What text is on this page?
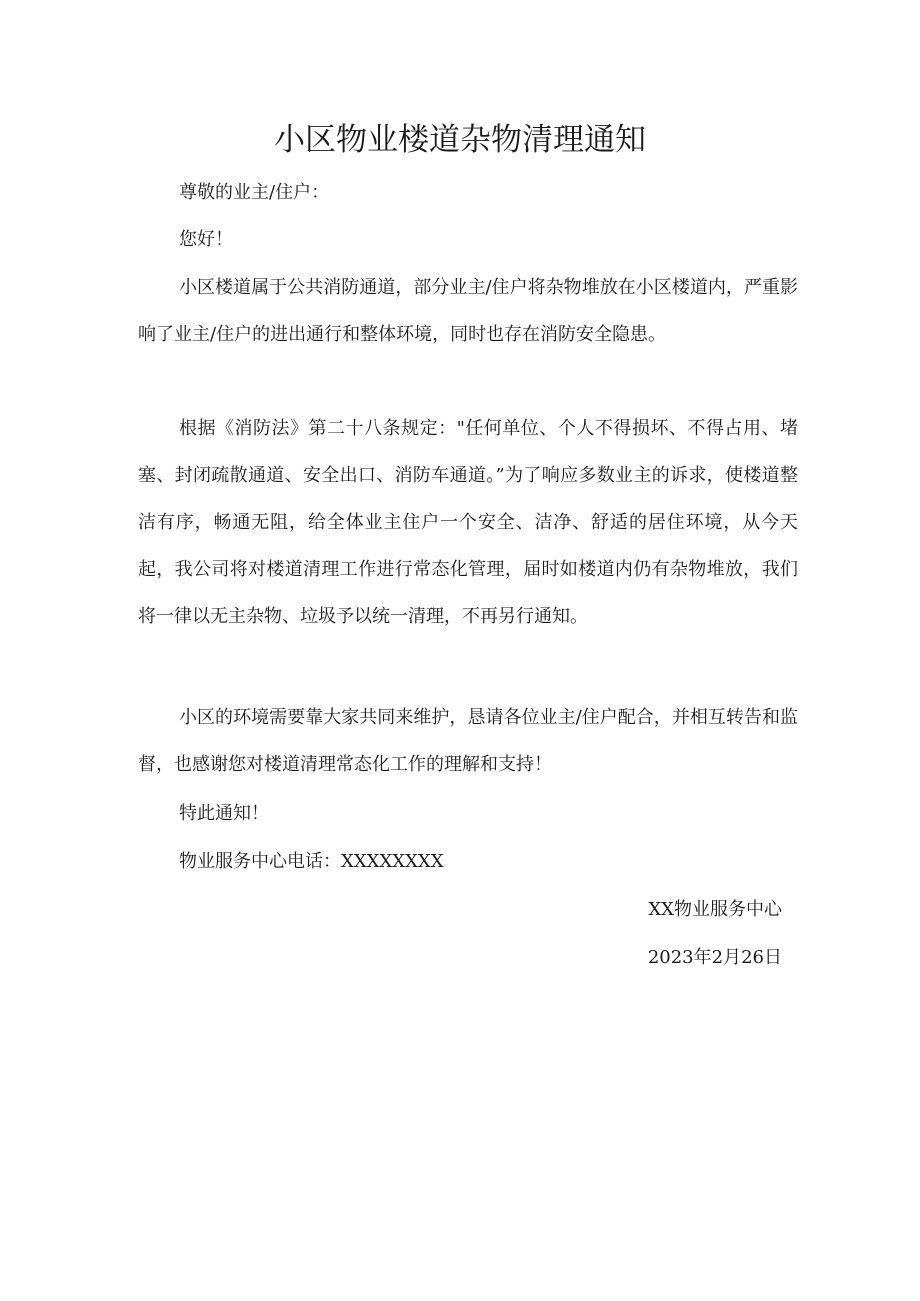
小区物业楼道杂物清理通知

尊敬的业主/住户：

您好！

小区楼道属于公共消防通道，部分业主/住户将杂物堆放在小区楼道内，严重影响了业主/住户的进出通行和整体环境，同时也存在消防安全隐患。

根据《消防法》第二十八条规定："任何单位、个人不得损坏、不得占用、堵塞、封闭疏散通道、安全出口、消防车通道。”为了响应多数业主的诉求，使楼道整洁有序，畅通无阻，给全体业主住户一个安全、洁净、舒适的居住环境，从今天起，我公司将对楼道清理工作进行常态化管理，届时如楼道内仍有杂物堆放，我们将一律以无主杂物、垃圾予以统一清理，不再另行通知。

小区的环境需要靠大家共同来维护，恳请各位业主/住户配合，并相互转告和监督，也感谢您对楼道清理常态化工作的理解和支持！

特此通知！

物业服务中心电话：XXXXXXXX

XX物业服务中心

2023年2月26日
